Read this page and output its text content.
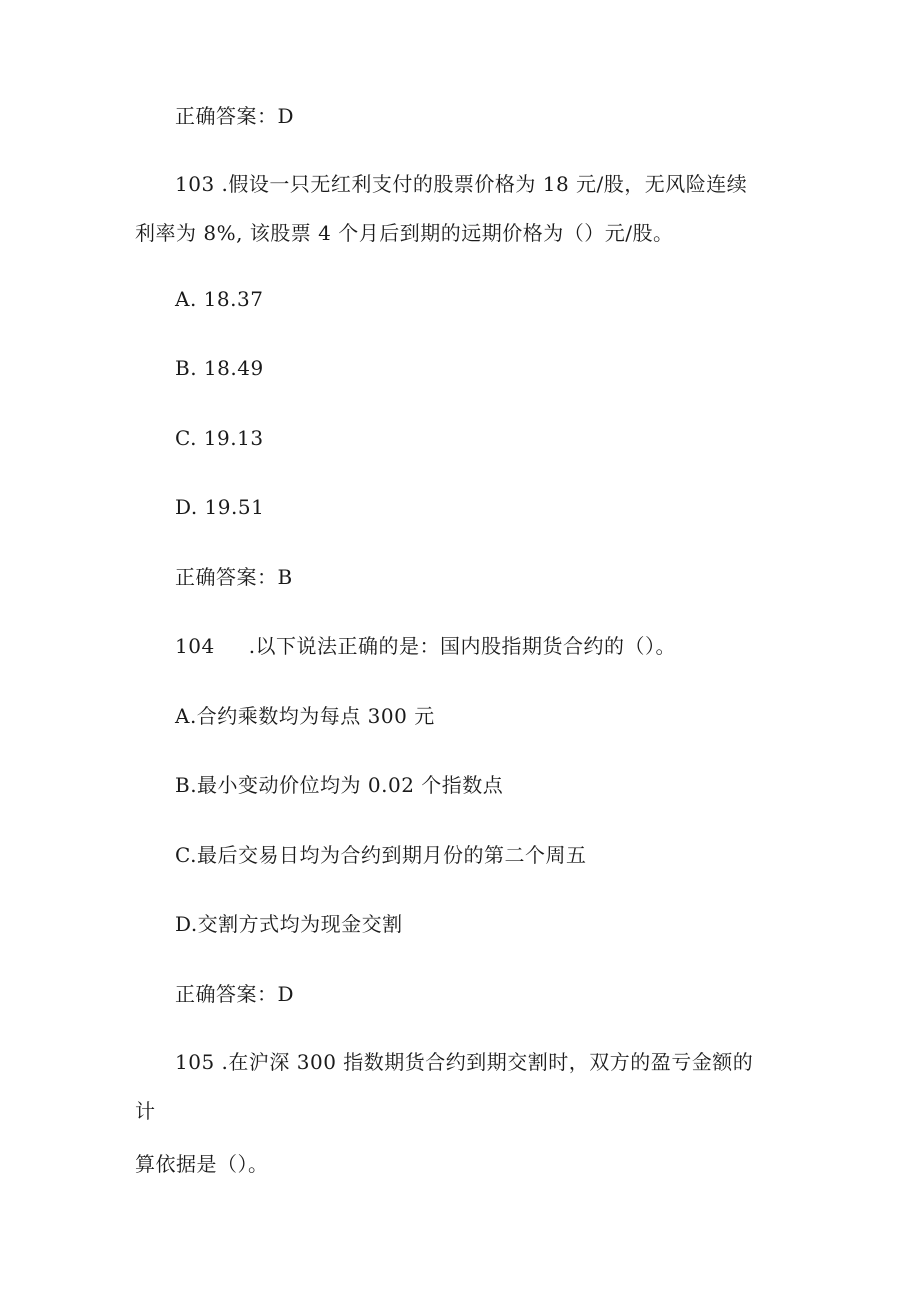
正确答案：D
103 .假设一只无红利支付的股票价格为 18 元/股，无风险连续
利率为 8%, 该股票 4 个月后到期的远期价格为（）元/股。
A. 18.37
B. 18.49
C. 19.13
D. 19.51
正确答案：B
104 .以下说法正确的是：国内股指期货合约的（）。
A.合约乘数均为每点 300 元
B.最小变动价位均为 0.02 个指数点
C.最后交易日均为合约到期月份的第二个周五
D.交割方式均为现金交割
正确答案：D
105 .在沪深 300 指数期货合约到期交割时，双方的盈亏金额的
计
算依据是（）。
